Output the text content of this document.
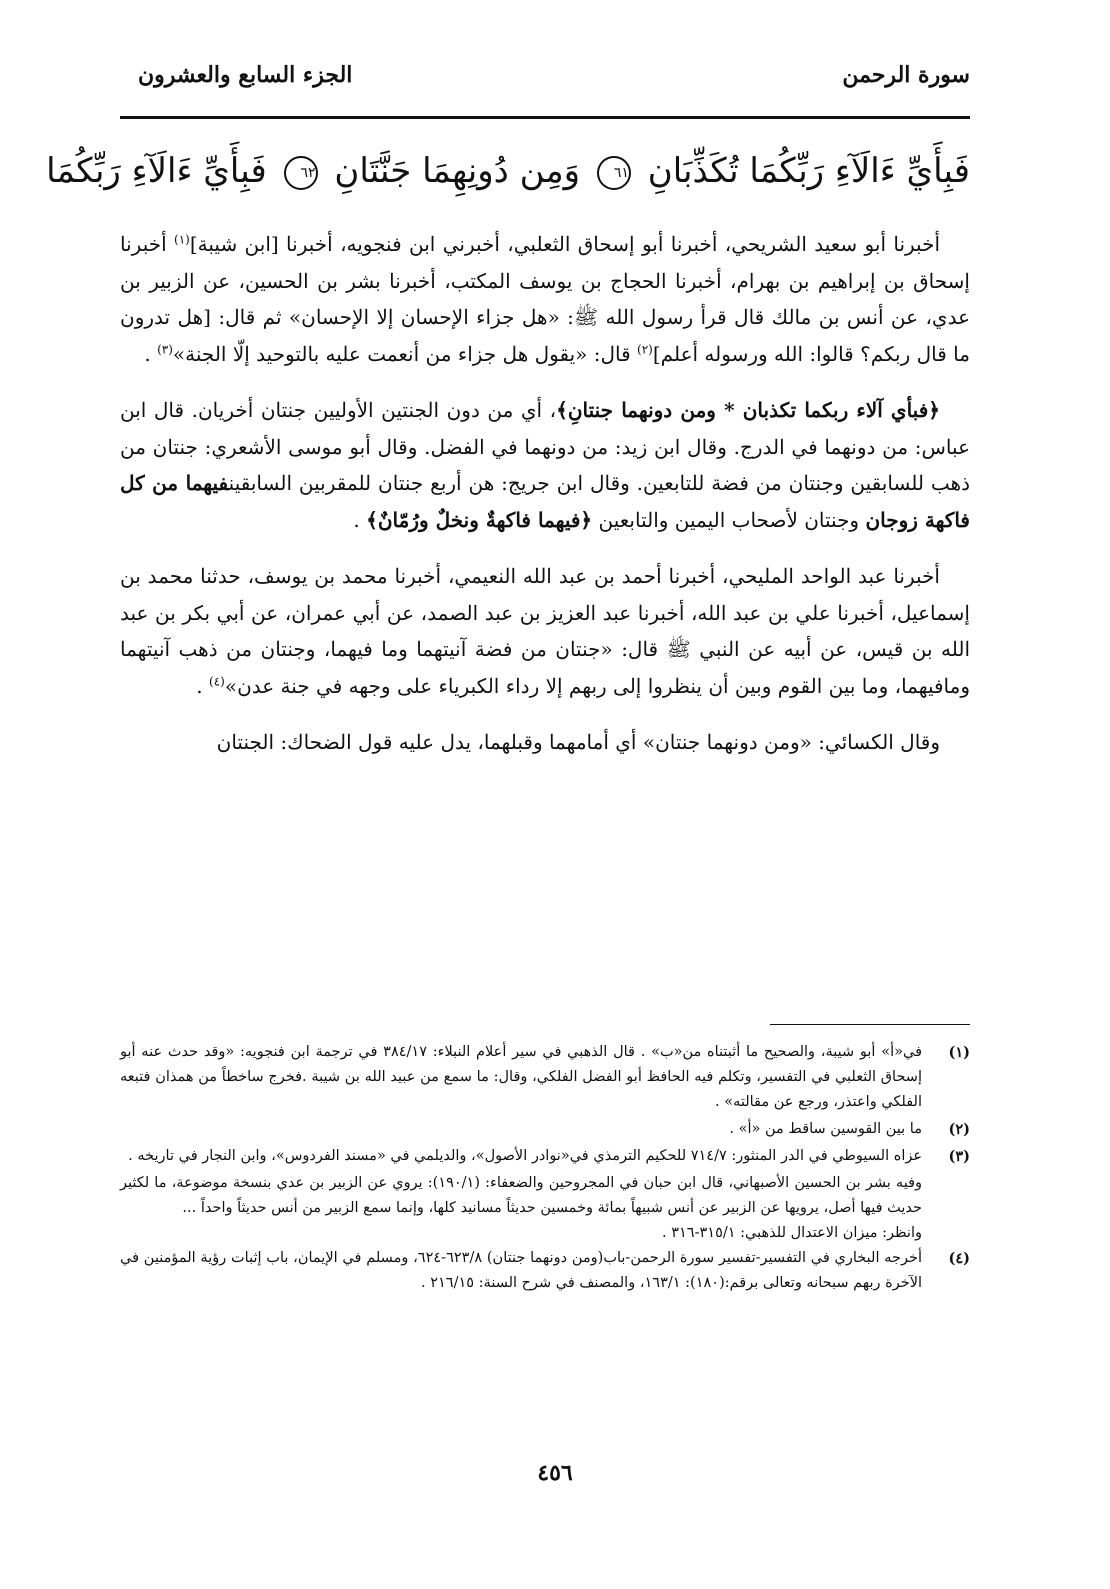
سورة الرحمن
الجزء السابع والعشرون
فَبِأَيِّ ءَالَآءِ رَبِّكُمَا تُكَذِّبَانِ ٦١ وَمِن دُونِهِمَا جَنَّتَانِ ٦٢ فَبِأَيِّ ءَالَآءِ رَبِّكُمَا

أخبرنا أبو سعيد الشريحي، أخبرنا أبو إسحاق الثعلبي، أخبرني ابن فنجويه، أخبرنا [ابن شيبة]$^{(١)}$ أخبرنا إسحاق بن إبراهيم بن بهرام، أخبرنا الحجاج بن يوسف المكتب، أخبرنا بشر بن الحسين، عن الزبير بن عدي، عن أنس بن مالك قال قرأ رسول الله ﷺ: «هل جزاء الإحسان إلا الإحسان» ثم قال: [هل تدرون ما قال ربكم؟ قالوا: الله ورسوله أعلم]$^{(٢)}$ قال: «يقول هل جزاء من أنعمت عليه بالتوحيد إلّا الجنة»$^{(٣)}$ .

﴿فبأي آلاء ربكما تكذبان * ومن دونهما جنتانِ﴾، أي من دون الجنتين الأوليين جنتان أخريان. قال ابن عباس: من دونهما في الدرج. وقال ابن زيد: من دونهما في الفضل. وقال أبو موسى الأشعري: جنتان من ذهب للسابقين وجنتان من فضة للتابعين. وقال ابن جريج: هن أربع جنتان للمقربين السابقينفيهما من كل فاكهة زوجان وجنتان لأصحاب اليمين والتابعين ﴿فيهما فاكهةٌ ونخلٌ ورُمّانٌ﴾ .

أخبرنا عبد الواحد المليحي، أخبرنا أحمد بن عبد الله النعيمي، أخبرنا محمد بن يوسف، حدثنا محمد بن إسماعيل، أخبرنا علي بن عبد الله، أخبرنا عبد العزيز بن عبد الصمد، عن أبي عمران، عن أبي بكر بن عبد الله بن قيس، عن أبيه عن النبي ﷺ قال: «جنتان من فضة آنيتهما وما فيهما، وجنتان من ذهب آنيتهما ومافيهما، وما بين القوم وبين أن ينظروا إلى ربهم إلا رداء الكبرياء على وجهه في جنة عدن»$^{(٤)}$ .

وقال الكسائي: «ومن دونهما جنتان» أي أمامهما وقبلهما، يدل عليه قول الضحاك: الجنتان

(١)
في«أ» أبو شيبة، والصحيح ما أثبتناه من«ب» . قال الذهبي في سير أعلام النبلاء: ٣٨٤/١٧ في ترجمة ابن فنجويه: «وقد حدث عنه أبو إسحاق الثعلبي في التفسير، وتكلم فيه الحافظ أبو الفضل الفلكي، وقال: ما سمع من عبيد الله بن شيبة .فخرج ساخطاً من همذان فتبعه الفلكي واعتذر، ورجع عن مقالته» .
(٢)
ما بين القوسين ساقط من «أ» .
(٣)
عزاه السيوطي في الدر المنثور: ٧١٤/٧ للحكيم الترمذي في«نوادر الأصول»، والديلمي في «مسند الفردوس»، وابن النجار في تاريخه .
وفيه بشر بن الحسين الأصبهاني، قال ابن حبان في المجروحين والضعفاء: (١٩٠/١): يروي عن الزبير بن عدي بنسخة موضوعة، ما لكثير حديث فيها أصل، يرويها عن الزبير عن أنس شبيهاً بمائة وخمسين حديثاً مسانيد كلها، وإنما سمع الزبير من أنس حديثاً واحداً ...
وانظر: ميزان الاعتدال للذهبي: ٣١٥/١-٣١٦ .
(٤)
أخرجه البخاري في التفسير-تفسير سورة الرحمن-باب(ومن دونهما جنتان) ٦٢٣/٨-٦٢٤، ومسلم في الإيمان، باب إثبات رؤية المؤمنين في الآخرة ربهم سبحانه وتعالى برقم:(١٨٠): ١٦٣/١، والمصنف في شرح السنة: ٢١٦/١٥ .
٤٥٦
